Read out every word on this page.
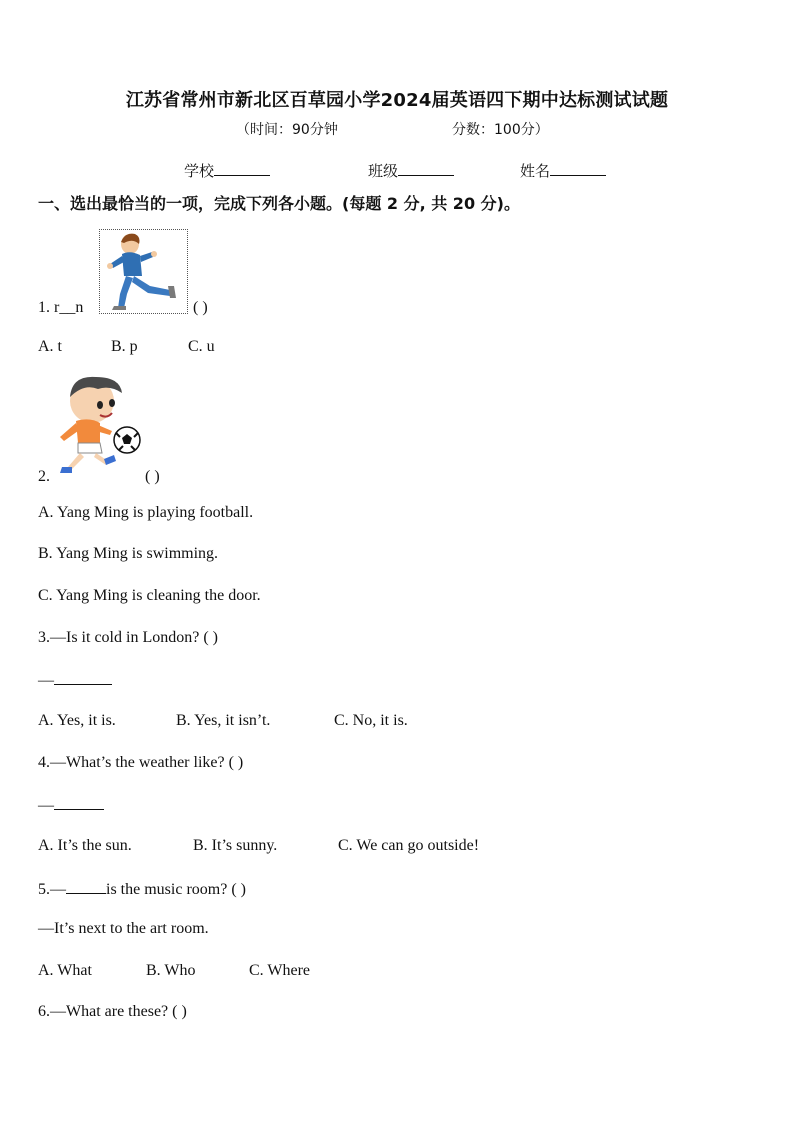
江苏省常州市新北区百草园小学2024届英语四下期中达标测试试题
（时间：90分钟	分数：100分）
学校	班级	姓名
一、选出最恰当的一项，完成下列各小题。(每题 2 分, 共 20 分)。
1. r__n	( )
A. t	B. p	C. u
2.	( )
A. Yang Ming is playing football.
B. Yang Ming is swimming.
C. Yang Ming is cleaning the door.
3.—Is it cold in London? ( )
—
A. Yes, it is.	B. Yes, it isn’t.	C. No, it is.
4.—What’s the weather like? ( )
—
A. It’s the sun.	B. It’s sunny.	C. We can go outside!
5.—	is the music room? ( )
—It’s next to the art room.
A. What	B. Who	C. Where
6.—What are these? ( )
